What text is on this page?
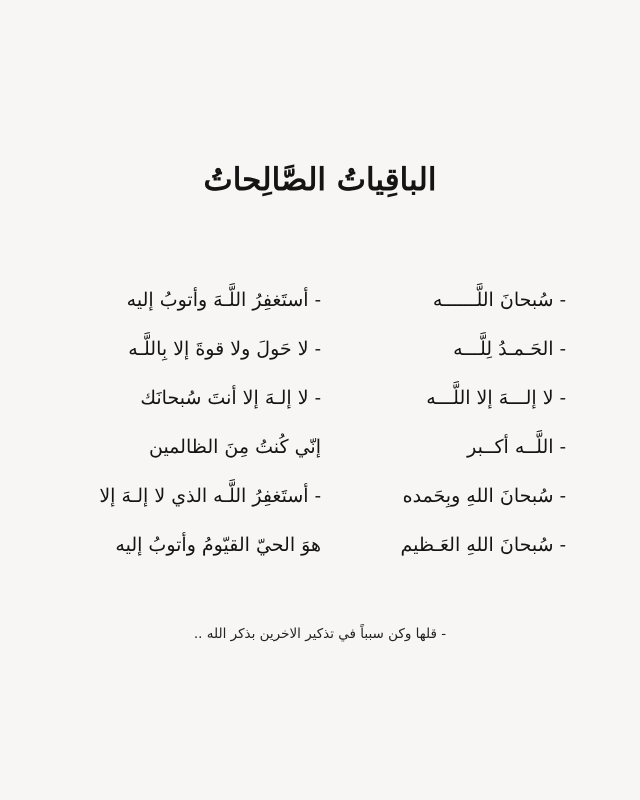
الباقِياتُ الصَّالِحاتُ
- سُبحانَ اللَّــــــه
- أستَغفِرُ اللَّـهَ وأتوبُ إليه
- الحَـمـدُ لِلَّـــه
- لا حَولَ ولا قوةَ إلا بِاللَّـه
- لا إلـــهَ إلا اللَّـــه
- لا إلـهَ إلا أنتَ سُبحانَك
- اللَّــه أكــبر
إنّي كُنتُ مِنَ الظالمين
- سُبحانَ اللهِ وبِحَمده
- أستَغفِرُ اللَّـه الذي لا إلـهَ إلا
- سُبحانَ اللهِ العَـظيم
هوَ الحيّ القيّومُ وأتوبُ إليه
- قلها وكن سبباً في تذكير الاخرين بذكر الله ..
